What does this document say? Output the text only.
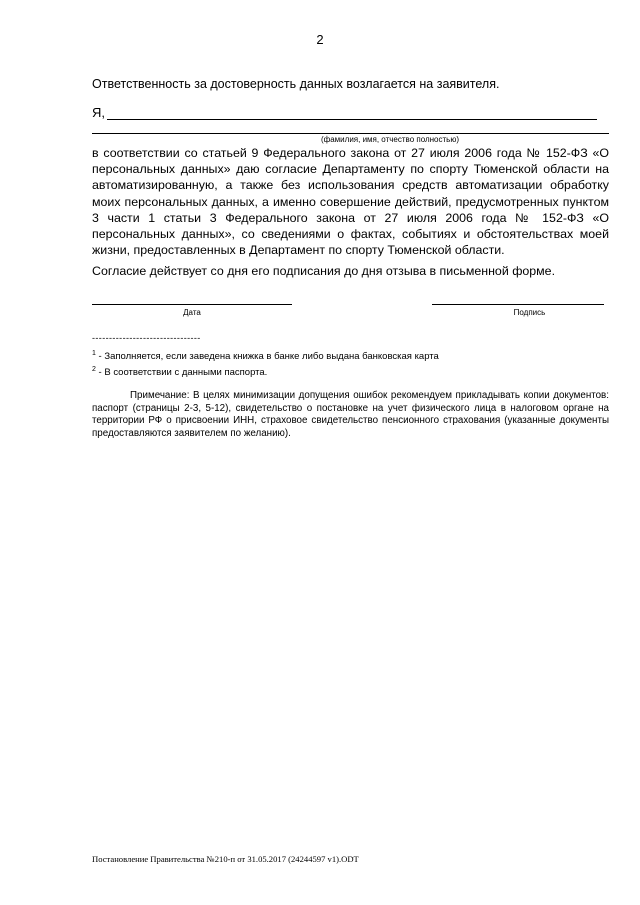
2
Ответственность за достоверность данных возлагается на заявителя.
Я,
(фамилия, имя, отчество полностью)

в соответствии со статьей 9 Федерального закона от 27 июля 2006 года № 152-ФЗ «О персональных данных» даю согласие Департаменту по спорту Тюменской области на автоматизированную, а также без использования средств автоматизации обработку моих персональных данных, а именно совершение действий, предусмотренных пунктом 3 части 1 статьи 3 Федерального закона от 27 июля 2006 года № 152-ФЗ «О персональных данных», со сведениями о фактах, событиях и обстоятельствах моей жизни, предоставленных в Департамент по спорту Тюменской области.

Согласие действует со дня его подписания до дня отзыва в письменной форме.
Дата	Подпись
--------------------------------
$^1$ - Заполняется, если заведена книжка в банке либо выдана банковская карта
$^2$ - В соответствии с данными паспорта.

Примечание: В целях минимизации допущения ошибок рекомендуем прикладывать копии документов: паспорт (страницы 2-3, 5-12), свидетельство о постановке на учет физического лица в налоговом органе на территории РФ о присвоении ИНН, страховое свидетельство пенсионного страхования (указанные документы предоставляются заявителем по желанию).

Постановление Правительства №210-п от 31.05.2017 (24244597 v1).ODT
